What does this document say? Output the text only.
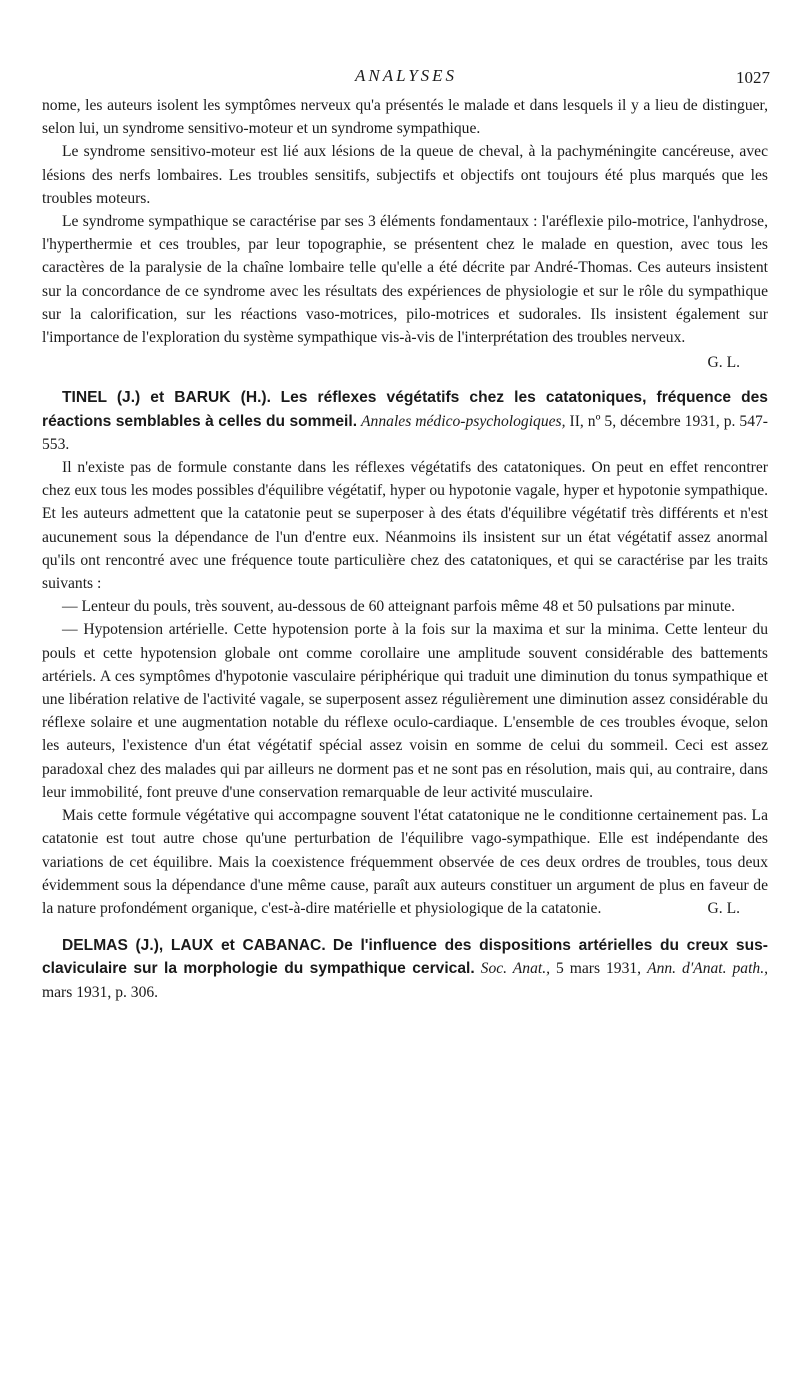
ANALYSES	1027

nome, les auteurs isolent les symptômes nerveux qu'a présentés le malade et dans lesquels il y a lieu de distinguer, selon lui, un syndrome sensitivo-moteur et un syndrome sympathique.

Le syndrome sensitivo-moteur est lié aux lésions de la queue de cheval, à la pachyméningite cancéreuse, avec lésions des nerfs lombaires. Les troubles sensitifs, subjectifs et objectifs ont toujours été plus marqués que les troubles moteurs.

Le syndrome sympathique se caractérise par ses 3 éléments fondamentaux : l'aréflexie pilo-motrice, l'anhydrose, l'hyperthermie et ces troubles, par leur topographie, se présentent chez le malade en question, avec tous les caractères de la paralysie de la chaîne lombaire telle qu'elle a été décrite par André-Thomas. Ces auteurs insistent sur la concordance de ce syndrome avec les résultats des expériences de physiologie et sur le rôle du sympathique sur la calorification, sur les réactions vaso-motrices, pilo-motrices et sudorales. Ils insistent également sur l'importance de l'exploration du système sympathique vis-à-vis de l'interprétation des troubles nerveux.

G. L.

TINEL (J.) et BARUK (H.). Les réflexes végétatifs chez les catatoniques, fréquence des réactions semblables à celles du sommeil. Annales médico-psychologiques, II, nº 5, décembre 1931, p. 547-553.

Il n'existe pas de formule constante dans les réflexes végétatifs des catatoniques. On peut en effet rencontrer chez eux tous les modes possibles d'équilibre végétatif, hyper ou hypotonie vagale, hyper et hypotonie sympathique. Et les auteurs admettent que la catatonie peut se superposer à des états d'équilibre végétatif très différents et n'est aucunement sous la dépendance de l'un d'entre eux. Néanmoins ils insistent sur un état végétatif assez anormal qu'ils ont rencontré avec une fréquence toute particulière chez des catatoniques, et qui se caractérise par les traits suivants :

— Lenteur du pouls, très souvent, au-dessous de 60 atteignant parfois même 48 et 50 pulsations par minute.

— Hypotension artérielle. Cette hypotension porte à la fois sur la maxima et sur la minima. Cette lenteur du pouls et cette hypotension globale ont comme corollaire une amplitude souvent considérable des battements artériels. A ces symptômes d'hypotonie vasculaire périphérique qui traduit une diminution du tonus sympathique et une libération relative de l'activité vagale, se superposent assez régulièrement une diminution assez considérable du réflexe solaire et une augmentation notable du réflexe oculo-cardiaque. L'ensemble de ces troubles évoque, selon les auteurs, l'existence d'un état végétatif spécial assez voisin en somme de celui du sommeil. Ceci est assez paradoxal chez des malades qui par ailleurs ne dorment pas et ne sont pas en résolution, mais qui, au contraire, dans leur immobilité, font preuve d'une conservation remarquable de leur activité musculaire.

Mais cette formule végétative qui accompagne souvent l'état catatonique ne le conditionne certainement pas. La catatonie est tout autre chose qu'une perturbation de l'équilibre vago-sympathique. Elle est indépendante des variations de cet équilibre. Mais la coexistence fréquemment observée de ces deux ordres de troubles, tous deux évidemment sous la dépendance d'une même cause, paraît aux auteurs constituer un argument de plus en faveur de la nature profondément organique, c'est-à-dire matérielle et physiologique de la catatonie.	G. L.

DELMAS (J.), LAUX et CABANAC. De l'influence des dispositions artérielles du creux sus-claviculaire sur la morphologie du sympathique cervical. Soc. Anat., 5 mars 1931, Ann. d'Anat. path., mars 1931, p. 306.
